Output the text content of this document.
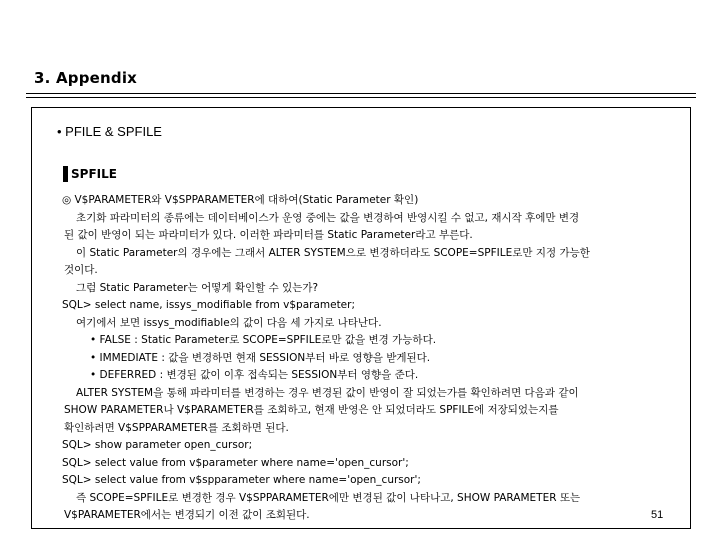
3. Appendix
• PFILE & SPFILE
SPFILE
◎ V$PARAMETER와 V$SPPARAMETER에 대하여(Static Parameter 확인)
초기화 파라미터의 종류에는 데이터베이스가 운영 중에는 값을 변경하여 반영시킬 수 없고, 재시작 후에만 변경
된 값이 반영이 되는 파라미터가 있다. 이러한 파라미터를 Static Parameter라고 부른다.
이 Static Parameter의 경우에는 그래서 ALTER SYSTEM으로 변경하더라도 SCOPE=SPFILE로만 지정 가능한
것이다.
그럼 Static Parameter는 어떻게 확인할 수 있는가?
SQL> select name, issys_modifiable from v$parameter;
여기에서 보면 issys_modifiable의 값이 다음 세 가지로 나타난다.
• FALSE : Static Parameter로 SCOPE=SPFILE로만 값을 변경 가능하다.
• IMMEDIATE : 값을 변경하면 현재 SESSION부터 바로 영향을 받게된다.
• DEFERRED : 변경된 값이 이후 접속되는 SESSION부터 영향을 준다.
ALTER SYSTEM을 통해 파라미터를 변경하는 경우 변경된 값이 반영이 잘 되었는가를 확인하려면 다음과 같이
SHOW PARAMETER나 V$PARAMETER를 조회하고, 현재 반영은 안 되었더라도 SPFILE에 저장되었는지를
확인하려면 V$SPPARAMETER를 조회하면 된다.
SQL> show parameter open_cursor;
SQL> select value from v$parameter where name='open_cursor';
SQL> select value from v$spparameter where name='open_cursor';
즉 SCOPE=SPFILE로 변경한 경우 V$SPPARAMETER에만 변경된 값이 나타나고, SHOW PARAMETER 또는
V$PARAMETER에서는 변경되기 이전 값이 조회된다.	51
